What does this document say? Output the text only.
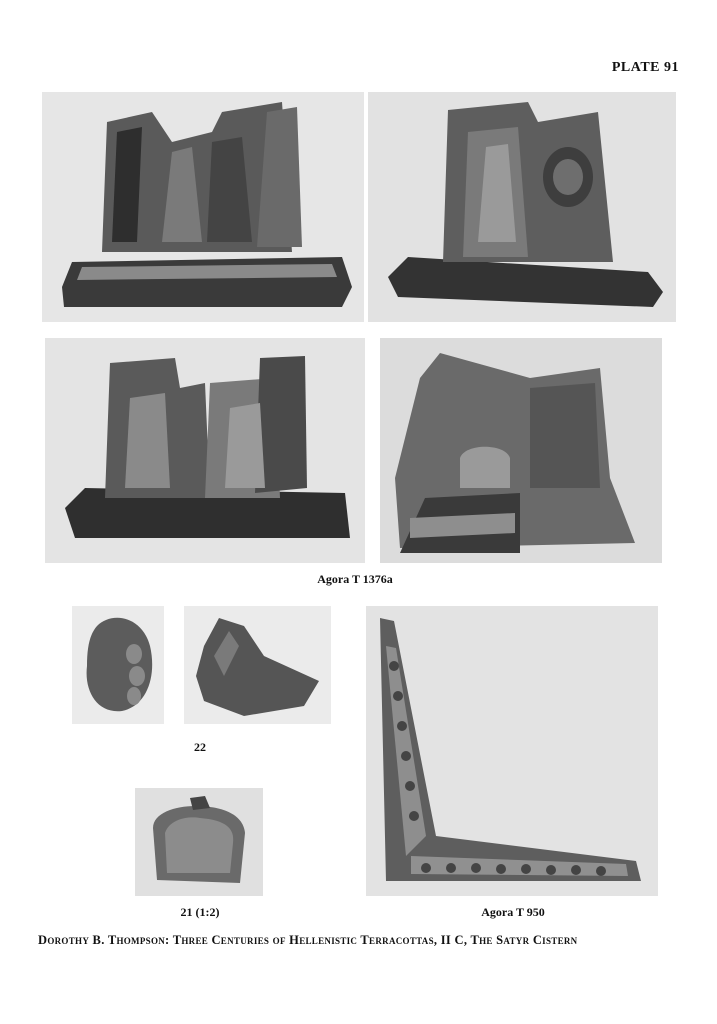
PLATE 91
Agora T 1376a
22
21 (1:2)	Agora T 950
Dorothy B. Thompson: Three Centuries of Hellenistic Terracottas, II C, The Satyr Cistern
